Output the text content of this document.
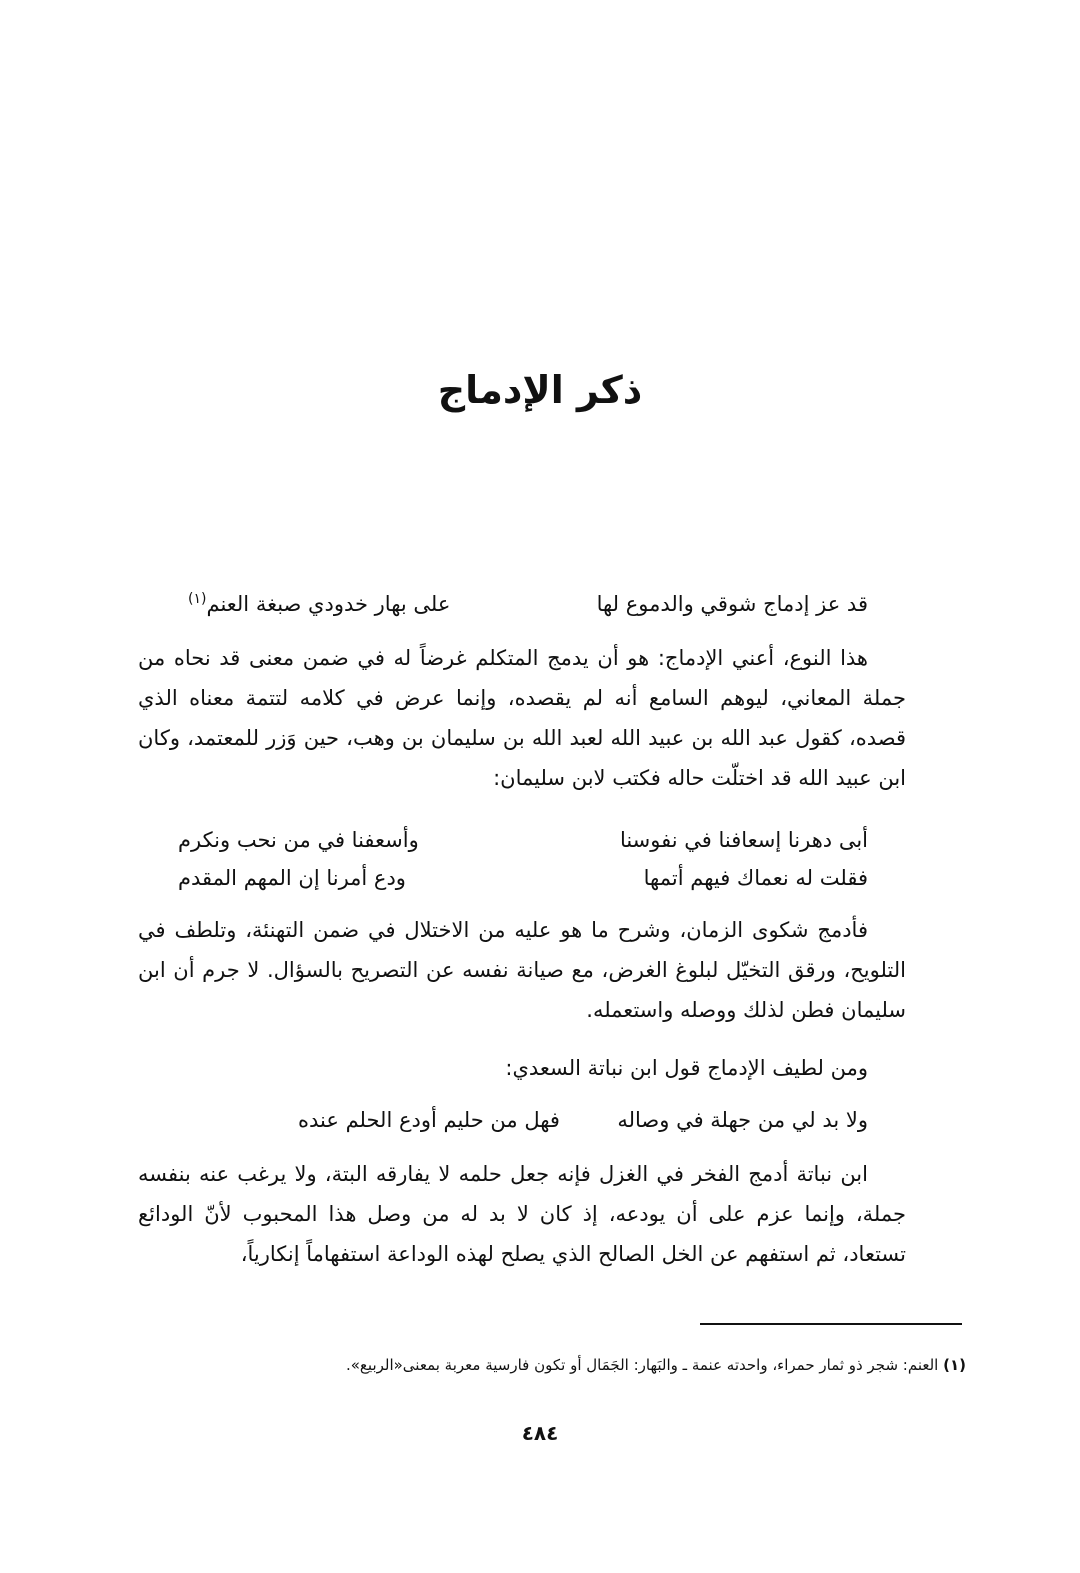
ذكر الإدماج
قد عز إدماج شوقي والدموع لها
على بهار خدودي صبغة العنم$^{(١)}$

هذا النوع، أعني الإدماج: هو أن يدمج المتكلم غرضاً له في ضمن معنى قد نحاه من جملة المعاني، ليوهم السامع أنه لم يقصده، وإنما عرض في كلامه لتتمة معناه الذي قصده، كقول عبد الله بن عبيد الله لعبد الله بن سليمان بن وهب، حين وَزر للمعتمد، وكان ابن عبيد الله قد اختلّت حاله فكتب لابن سليمان:

أبى دهرنا إسعافنا في نفوسنا
وأسعفنا في من نحب ونكرم
فقلت له نعماك فيهم أتمها
ودع أمرنا إن المهم المقدم

فأدمج شكوى الزمان، وشرح ما هو عليه من الاختلال في ضمن التهنئة، وتلطف في التلويح، ورقق التخيّل لبلوغ الغرض، مع صيانة نفسه عن التصريح بالسؤال. لا جرم أن ابن سليمان فطن لذلك ووصله واستعمله.

ومن لطيف الإدماج قول ابن نباتة السعدي:

ولا بد لي من جهلة في وصاله
فهل من حليم أودع الحلم عنده

ابن نباتة أدمج الفخر في الغزل فإنه جعل حلمه لا يفارقه البتة، ولا يرغب عنه بنفسه جملة، وإنما عزم على أن يودعه، إذ كان لا بد له من وصل هذا المحبوب لأنّ الودائع تستعاد، ثم استفهم عن الخل الصالح الذي يصلح لهذه الوداعة استفهاماً إنكارياً،

(١) العنم: شجر ذو ثمار حمراء، واحدته عنمة ـ والبَهار: الجَمَال أو تكون فارسية معربة بمعنى«الربيع».
٤٨٤
